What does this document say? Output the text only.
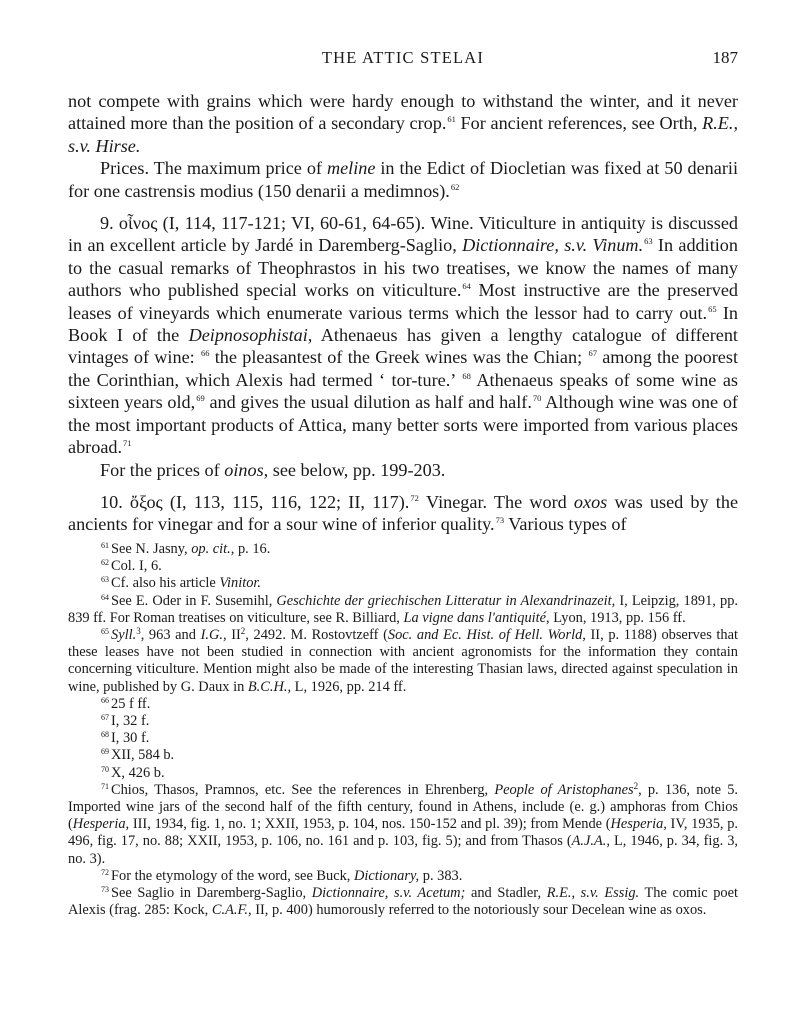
THE ATTIC STELAI	187

not compete with grains which were hardy enough to withstand the winter, and it never attained more than the position of a secondary crop.$^{61}$ For ancient references, see Orth, R.E., s.v. Hirse.

Prices. The maximum price of meline in the Edict of Diocletian was fixed at 50 denarii for one castrensis modius (150 denarii a medimnos).$^{62}$

9. οἶνος (I, 114, 117-121; VI, 60-61, 64-65). Wine. Viticulture in antiquity is discussed in an excellent article by Jardé in Daremberg-Saglio, Dictionnaire, s.v. Vinum.$^{63}$ In addition to the casual remarks of Theophrastos in his two treatises, we know the names of many authors who published special works on viticulture.$^{64}$ Most instructive are the preserved leases of vineyards which enumerate various terms which the lessor had to carry out.$^{65}$ In Book I of the Deipnosophistai, Athenaeus has given a lengthy catalogue of different vintages of wine: $^{66}$ the pleasantest of the Greek wines was the Chian; $^{67}$ among the poorest the Corinthian, which Alexis had termed ‘ tor-ture.’ $^{68}$ Athenaeus speaks of some wine as sixteen years old,$^{69}$ and gives the usual dilution as half and half.$^{70}$ Although wine was one of the most important products of Attica, many better sorts were imported from various places abroad.$^{71}$

For the prices of oinos, see below, pp. 199-203.

10. ὄξος (I, 113, 115, 116, 122; II, 117).$^{72}$ Vinegar. The word oxos was used by the ancients for vinegar and for a sour wine of inferior quality.$^{73}$ Various types of

$^{61}$ See N. Jasny, op. cit., p. 16.

$^{62}$ Col. I, 6.

$^{63}$ Cf. also his article Vinitor.

$^{64}$ See E. Oder in F. Susemihl, Geschichte der griechischen Litteratur in Alexandrinazeit, I, Leipzig, 1891, pp. 839 ff. For Roman treatises on viticulture, see R. Billiard, La vigne dans l'antiquité, Lyon, 1913, pp. 156 ff.

$^{65}$ Syll.$^3$, 963 and I.G., $II^2$, 2492. M. Rostovtzeff (Soc. and Ec. Hist. of Hell. World, II, p. 1188) observes that these leases have not been studied in connection with ancient agronomists for the information they contain concerning viticulture. Mention might also be made of the interesting Thasian laws, directed against speculation in wine, published by G. Daux in B.C.H., L, 1926, pp. 214 ff.

$^{66}$ 25 f ff.

$^{67}$ I, 32 f.

$^{68}$ I, 30 f.

$^{69}$ XII, 584 b.

$^{70}$ X, 426 b.

$^{71}$ Chios, Thasos, Pramnos, etc. See the references in Ehrenberg, People of Aristophanes$^2$, p. 136, note 5. Imported wine jars of the second half of the fifth century, found in Athens, include (e. g.) amphoras from Chios (Hesperia, III, 1934, fig. 1, no. 1; XXII, 1953, p. 104, nos. 150-152 and pl. 39); from Mende (Hesperia, IV, 1935, p. 496, fig. 17, no. 88; XXII, 1953, p. 106, no. 161 and p. 103, fig. 5); and from Thasos (A.J.A., L, 1946, p. 34, fig. 3, no. 3).

$^{72}$ For the etymology of the word, see Buck, Dictionary, p. 383.

$^{73}$ See Saglio in Daremberg-Saglio, Dictionnaire, s.v. Acetum; and Stadler, R.E., s.v. Essig. The comic poet Alexis (frag. 285: Kock, C.A.F., II, p. 400) humorously referred to the notoriously sour Decelean wine as oxos.
